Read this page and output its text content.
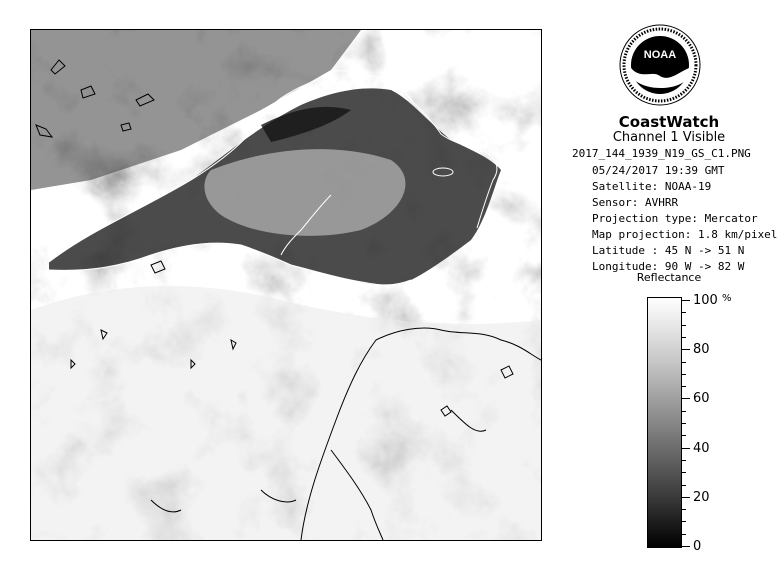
NOAA
CoastWatch
Channel 1 Visible
2017_144_1939_N19_GS_C1.PNG
05/24/2017 19:39 GMT
Satellite: NOAA-19
Sensor: AVHRR
Projection type: Mercator
Map projection: 1.8 km/pixel
Latitude : 45 N -> 51 N
Longitude: 90 W -> 82 W
Reflectance
%
100
80
60
40
20
0
